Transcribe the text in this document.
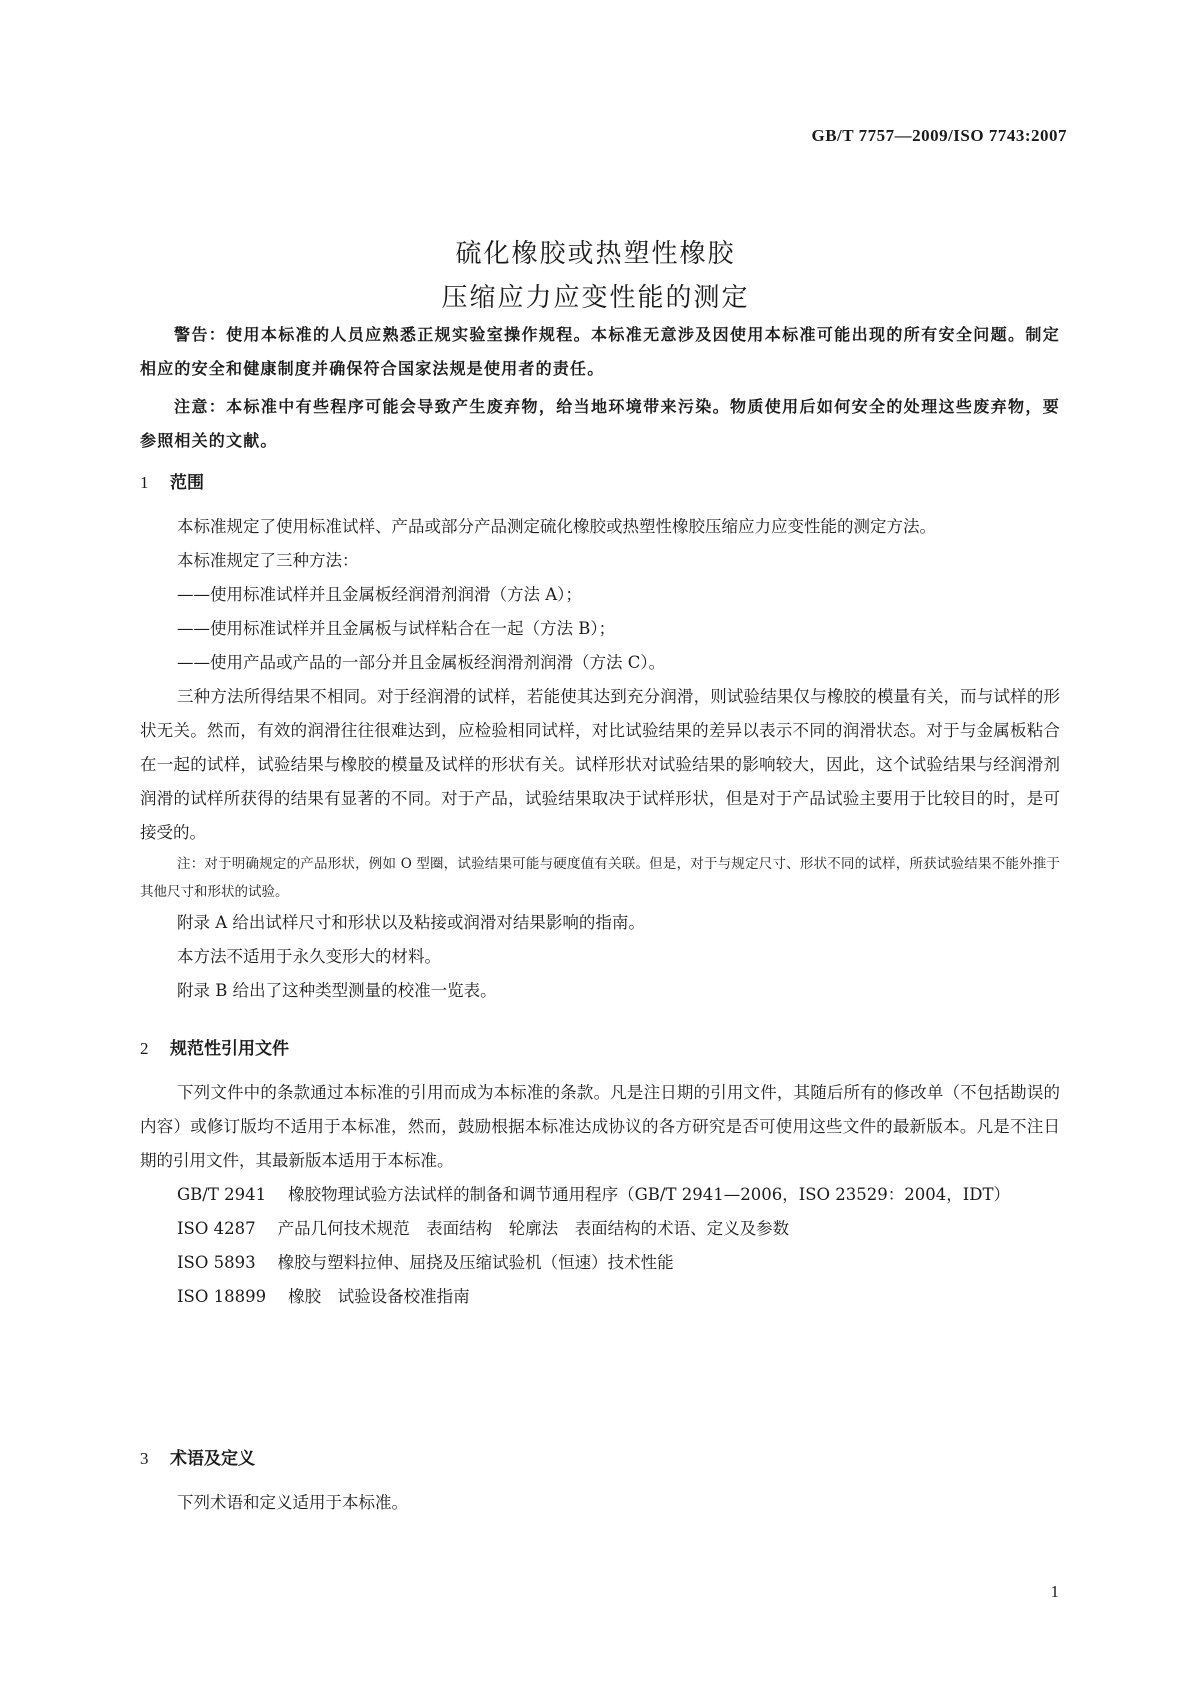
GB/T 7757—2009/ISO 7743:2007
硫化橡胶或热塑性橡胶
压缩应力应变性能的测定

警告：使用本标准的人员应熟悉正规实验室操作规程。本标准无意涉及因使用本标准可能出现的所有安全问题。制定相应的安全和健康制度并确保符合国家法规是使用者的责任。

注意：本标准中有些程序可能会导致产生废弃物，给当地环境带来污染。物质使用后如何安全的处理这些废弃物，要参照相关的文献。

1 范围

本标准规定了使用标准试样、产品或部分产品测定硫化橡胶或热塑性橡胶压缩应力应变性能的测定方法。

本标准规定了三种方法：

——使用标准试样并且金属板经润滑剂润滑（方法 A）；

——使用标准试样并且金属板与试样粘合在一起（方法 B）；

——使用产品或产品的一部分并且金属板经润滑剂润滑（方法 C）。

三种方法所得结果不相同。对于经润滑的试样，若能使其达到充分润滑，则试验结果仅与橡胶的模量有关，而与试样的形状无关。然而，有效的润滑往往很难达到，应检验相同试样，对比试验结果的差异以表示不同的润滑状态。对于与金属板粘合在一起的试样，试验结果与橡胶的模量及试样的形状有关。试样形状对试验结果的影响较大，因此，这个试验结果与经润滑剂润滑的试样所获得的结果有显著的不同。对于产品，试验结果取决于试样形状，但是对于产品试验主要用于比较目的时，是可接受的。

注：对于明确规定的产品形状，例如 O 型圈，试验结果可能与硬度值有关联。但是，对于与规定尺寸、形状不同的试样，所获试验结果不能外推于其他尺寸和形状的试验。

附录 A 给出试样尺寸和形状以及粘接或润滑对结果影响的指南。

本方法不适用于永久变形大的材料。

附录 B 给出了这种类型测量的校准一览表。

2 规范性引用文件

下列文件中的条款通过本标准的引用而成为本标准的条款。凡是注日期的引用文件，其随后所有的修改单（不包括勘误的内容）或修订版均不适用于本标准，然而，鼓励根据本标准达成协议的各方研究是否可使用这些文件的最新版本。凡是不注日期的引用文件，其最新版本适用于本标准。

GB/T 2941 橡胶物理试验方法试样的制备和调节通用程序（GB/T 2941—2006，ISO 23529：2004，IDT）

ISO 4287 产品几何技术规范　表面结构　轮廓法　表面结构的术语、定义及参数

ISO 5893 橡胶与塑料拉伸、屈挠及压缩试验机（恒速）技术性能

ISO 18899 橡胶　试验设备校准指南

3 术语及定义

下列术语和定义适用于本标准。

1
